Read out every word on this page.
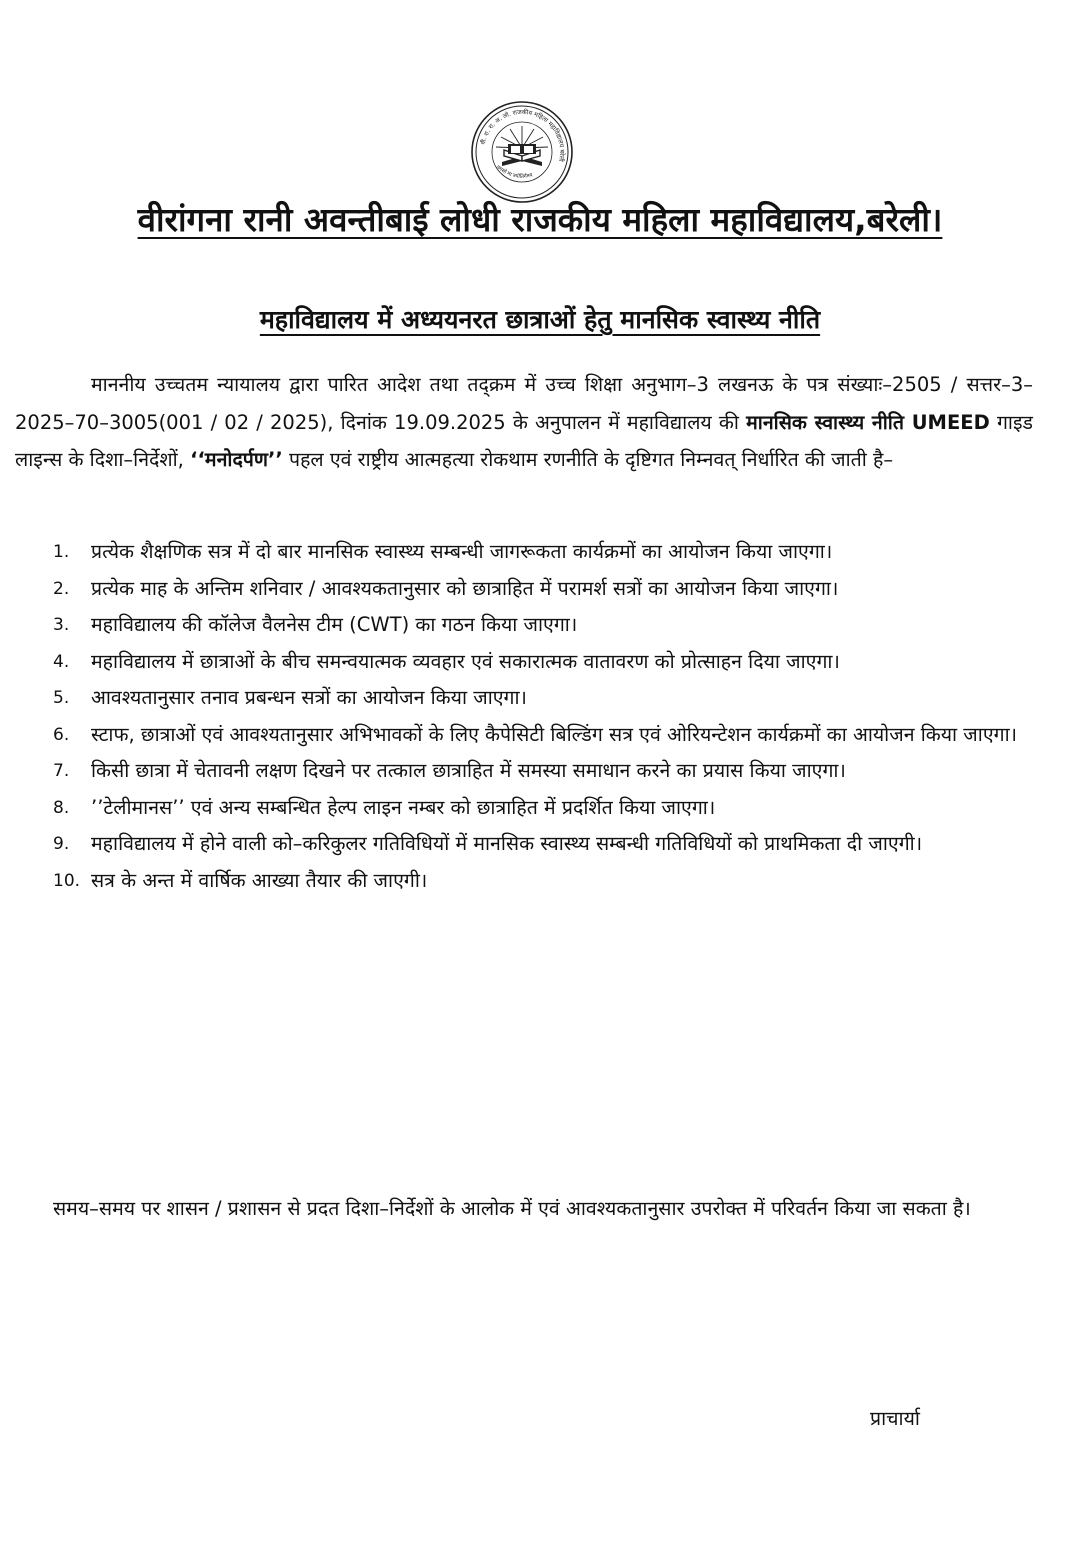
वी. रा. रा. अ. लो. राजकीय महिला महाविद्यालय बरेली
तमसो मा ज्योतिर्गमय
वीरांगना रानी अवन्तीबाई लोधी राजकीय महिला महाविद्यालय,बरेली।
महाविद्यालय में अध्ययनरत छात्राओं हेतु मानसिक स्वास्थ्य नीति

माननीय उच्चतम न्यायालय द्वारा पारित आदेश तथा तद्क्रम में उच्च शिक्षा अनुभाग–3 लखनऊ के पत्र संख्याः–2505 / सत्तर–3–2025–70–3005(001 / 02 / 2025), दिनांक 19.09.2025 के अनुपालन में महाविद्यालय की मानसिक स्वास्थ्य नीति UMEED गाइड लाइन्स के दिशा–निर्देशों, ‘‘मनोदर्पण’’ पहल एवं राष्ट्रीय आत्महत्या रोकथाम रणनीति के दृष्टिगत निम्नवत् निर्धारित की जाती है–

1. प्रत्येक शैक्षणिक सत्र में दो बार मानसिक स्वास्थ्य सम्बन्धी जागरूकता कार्यक्रमों का आयोजन किया जाएगा।
2. प्रत्येक माह के अन्तिम शनिवार / आवश्यकतानुसार को छात्राहित में परामर्श सत्रों का आयोजन किया जाएगा।
3. महाविद्यालय की कॉलेज वैलनेस टीम (CWT) का गठन किया जाएगा।
4. महाविद्यालय में छात्राओं के बीच समन्वयात्मक व्यवहार एवं सकारात्मक वातावरण को प्रोत्साहन दिया जाएगा।
5. आवश्यतानुसार तनाव प्रबन्धन सत्रों का आयोजन किया जाएगा।
6. स्टाफ, छात्राओं एवं आवश्यतानुसार अभिभावकों के लिए कैपेसिटी बिल्डिंग सत्र एवं ओरियन्टेशन कार्यक्रमों का आयोजन किया जाएगा।
7. किसी छात्रा में चेतावनी लक्षण दिखने पर तत्काल छात्राहित में समस्या समाधान करने का प्रयास किया जाएगा।
8. ’’टेलीमानस’’ एवं अन्य सम्बन्धित हेल्प लाइन नम्बर को छात्राहित में प्रदर्शित किया जाएगा।
9. महाविद्यालय में होने वाली को–करिकुलर गतिविधियों में मानसिक स्वास्थ्य सम्बन्धी गतिविधियों को प्राथमिकता दी जाएगी।
10. सत्र के अन्त में वार्षिक आख्या तैयार की जाएगी।

समय–समय पर शासन / प्रशासन से प्रदत दिशा–निर्देशों के आलोक में एवं आवश्यकतानुसार उपरोक्त में परिवर्तन किया जा सकता है।

प्राचार्या
